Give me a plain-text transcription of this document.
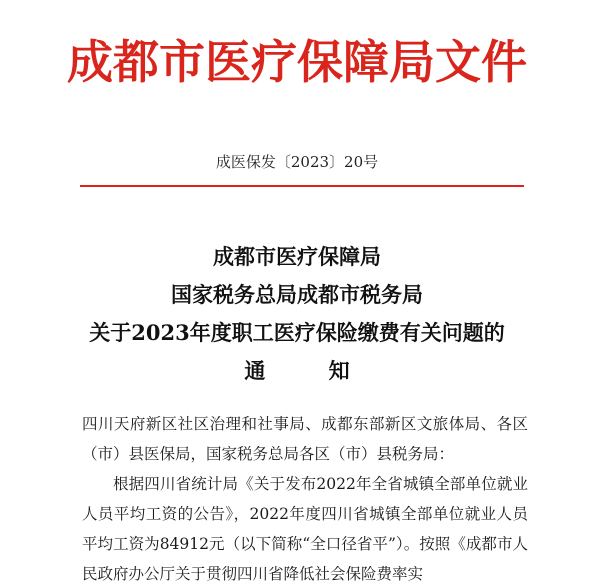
成都市医疗保障局文件
成医保发〔2023〕20号
成都市医疗保障局
国家税务总局成都市税务局
关于2023年度职工医疗保险缴费有关问题的
通 知

四川天府新区社区治理和社事局、成都东部新区文旅体局、各区（市）县医保局，国家税务总局各区（市）县税务局：

根据四川省统计局《关于发布2022年全省城镇全部单位就业人员平均工资的公告》，2022年度四川省城镇全部单位就业人员平均工资为84912元（以下简称“全口径省平”）。按照《成都市人民政府办公厅关于贯彻四川省降低社会保险费率实
